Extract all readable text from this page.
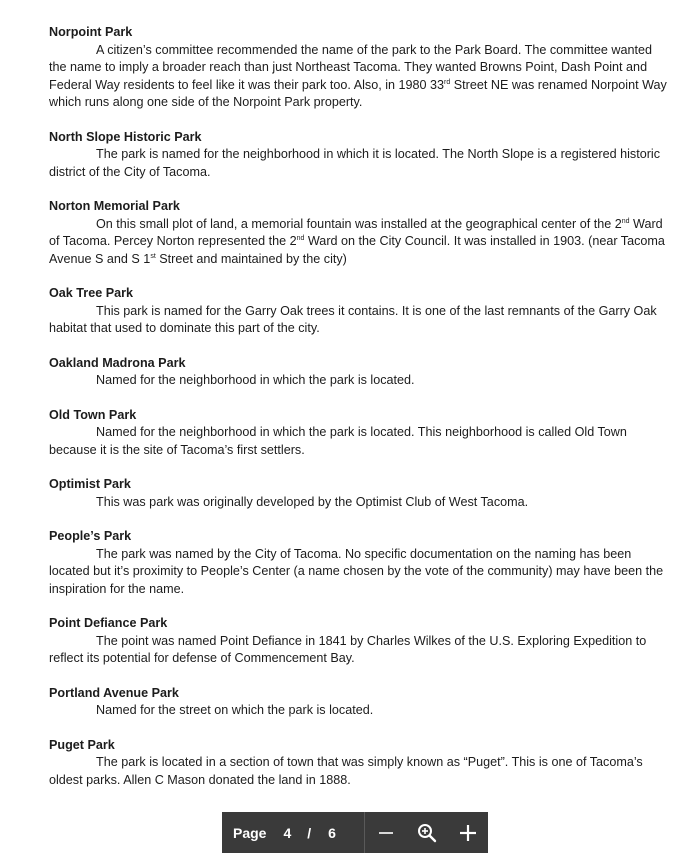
Norpoint Park

A citizen’s committee recommended the name of the park to the Park Board. The committee wanted the name to imply a broader reach than just Northeast Tacoma. They wanted Browns Point, Dash Point and Federal Way residents to feel like it was their park too. Also, in 1980 33rd Street NE was renamed Norpoint Way which runs along one side of the Norpoint Park property.

North Slope Historic Park

The park is named for the neighborhood in which it is located. The North Slope is a registered historic district of the City of Tacoma.

Norton Memorial Park

On this small plot of land, a memorial fountain was installed at the geographical center of the 2nd Ward of Tacoma. Percey Norton represented the 2nd Ward on the City Council. It was installed in 1903. (near Tacoma Avenue S and S 1st Street and maintained by the city)

Oak Tree Park

This park is named for the Garry Oak trees it contains. It is one of the last remnants of the Garry Oak habitat that used to dominate this part of the city.

Oakland Madrona Park

Named for the neighborhood in which the park is located.

Old Town Park

Named for the neighborhood in which the park is located. This neighborhood is called Old Town because it is the site of Tacoma’s first settlers.

Optimist Park

This was park was originally developed by the Optimist Club of West Tacoma.

People’s Park

The park was named by the City of Tacoma. No specific documentation on the naming has been located but it’s proximity to People’s Center (a name chosen by the vote of the community) may have been the inspiration for the name.

Point Defiance Park

The point was named Point Defiance in 1841 by Charles Wilkes of the U.S. Exploring Expedition to reflect its potential for defense of Commencement Bay.

Portland Avenue Park

Named for the street on which the park is located.

Puget Park

The park is located in a section of town that was simply known as “Puget”. This is one of Tacoma’s oldest parks. Allen C Mason donated the land in 1888.

Page 4 / 6
